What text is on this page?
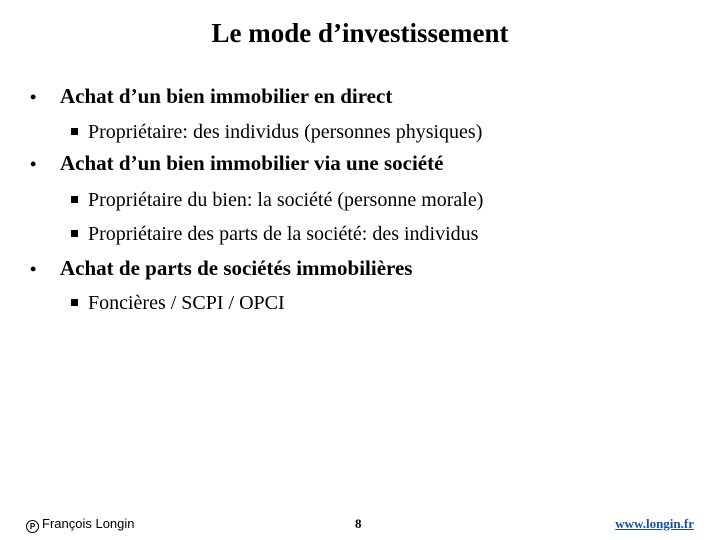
Le mode d’investissement
• Achat d’un bien immobilier en direct
Propriétaire: des individus (personnes physiques)
• Achat d’un bien immobilier via une société
Propriétaire du bien: la société (personne morale)
Propriétaire des parts de la société: des individus
• Achat de parts de sociétés immobilières
Foncières / SCPI / OPCI
P François Longin	8	www.longin.fr
